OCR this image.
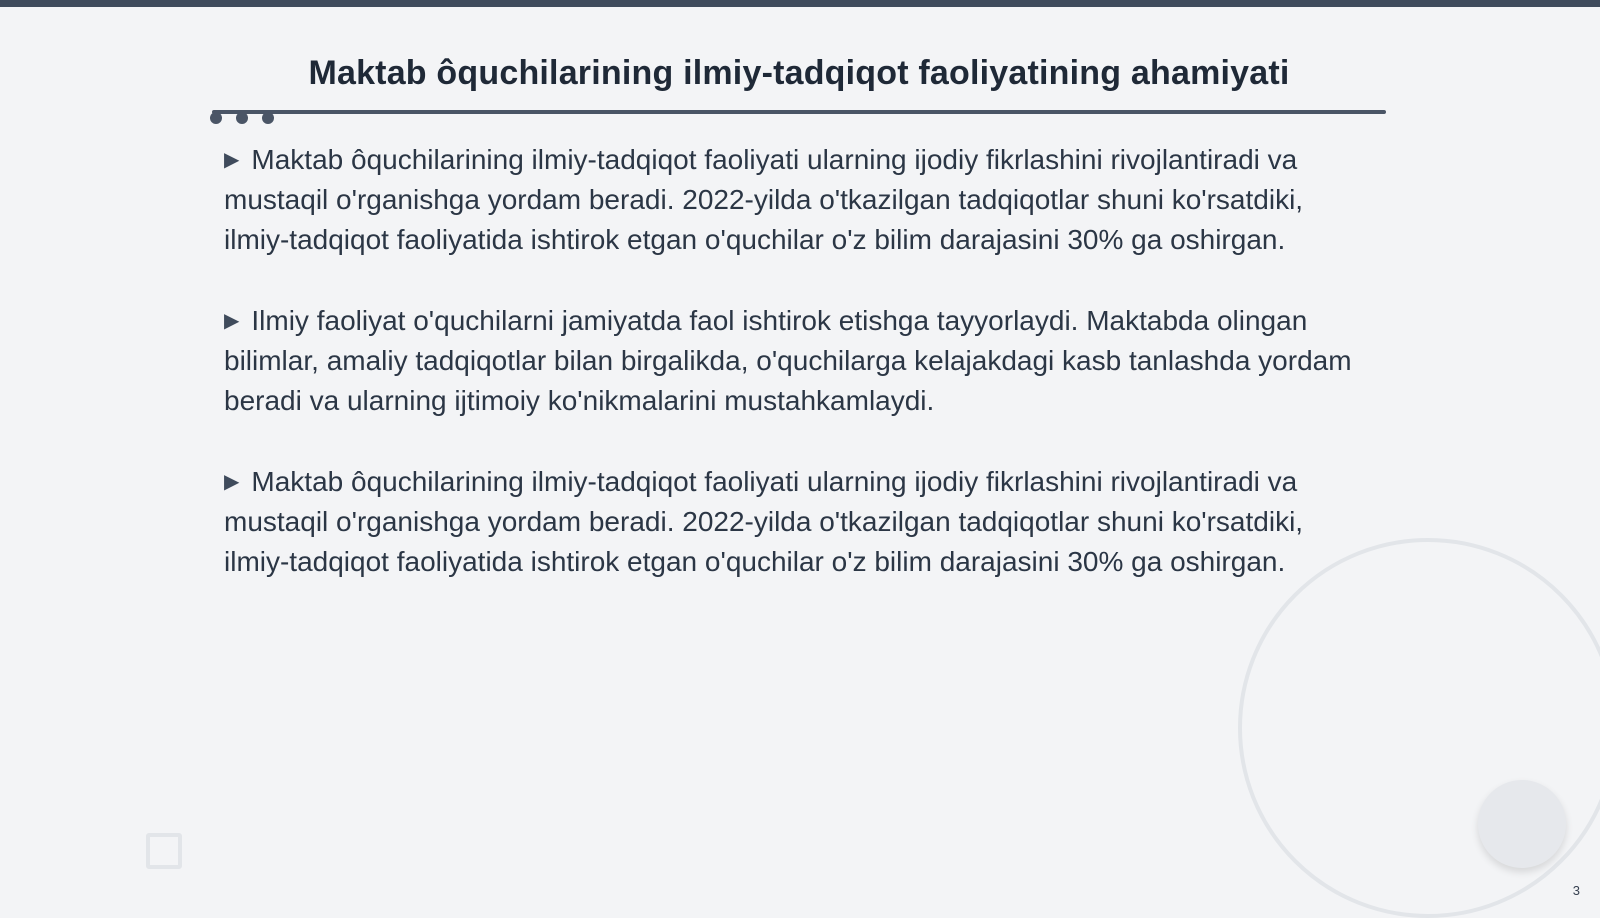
Maktab ôquchilarining ilmiy-tadqiqot faoliyatining ahamiyati

▶ Maktab ôquchilarining ilmiy-tadqiqot faoliyati ularning ijodiy fikrlashini rivojlantiradi va mustaqil o'rganishga yordam beradi. 2022-yilda o'tkazilgan tadqiqotlar shuni ko'rsatdiki, ilmiy-tadqiqot faoliyatida ishtirok etgan o'quchilar o'z bilim darajasini 30% ga oshirgan.

▶ Ilmiy faoliyat o'quchilarni jamiyatda faol ishtirok etishga tayyorlaydi. Maktabda olingan bilimlar, amaliy tadqiqotlar bilan birgalikda, o'quchilarga kelajakdagi kasb tanlashda yordam beradi va ularning ijtimoiy ko'nikmalarini mustahkamlaydi.

▶ Maktab ôquchilarining ilmiy-tadqiqot faoliyati ularning ijodiy fikrlashini rivojlantiradi va mustaqil o'rganishga yordam beradi. 2022-yilda o'tkazilgan tadqiqotlar shuni ko'rsatdiki, ilmiy-tadqiqot faoliyatida ishtirok etgan o'quchilar o'z bilim darajasini 30% ga oshirgan.

3
